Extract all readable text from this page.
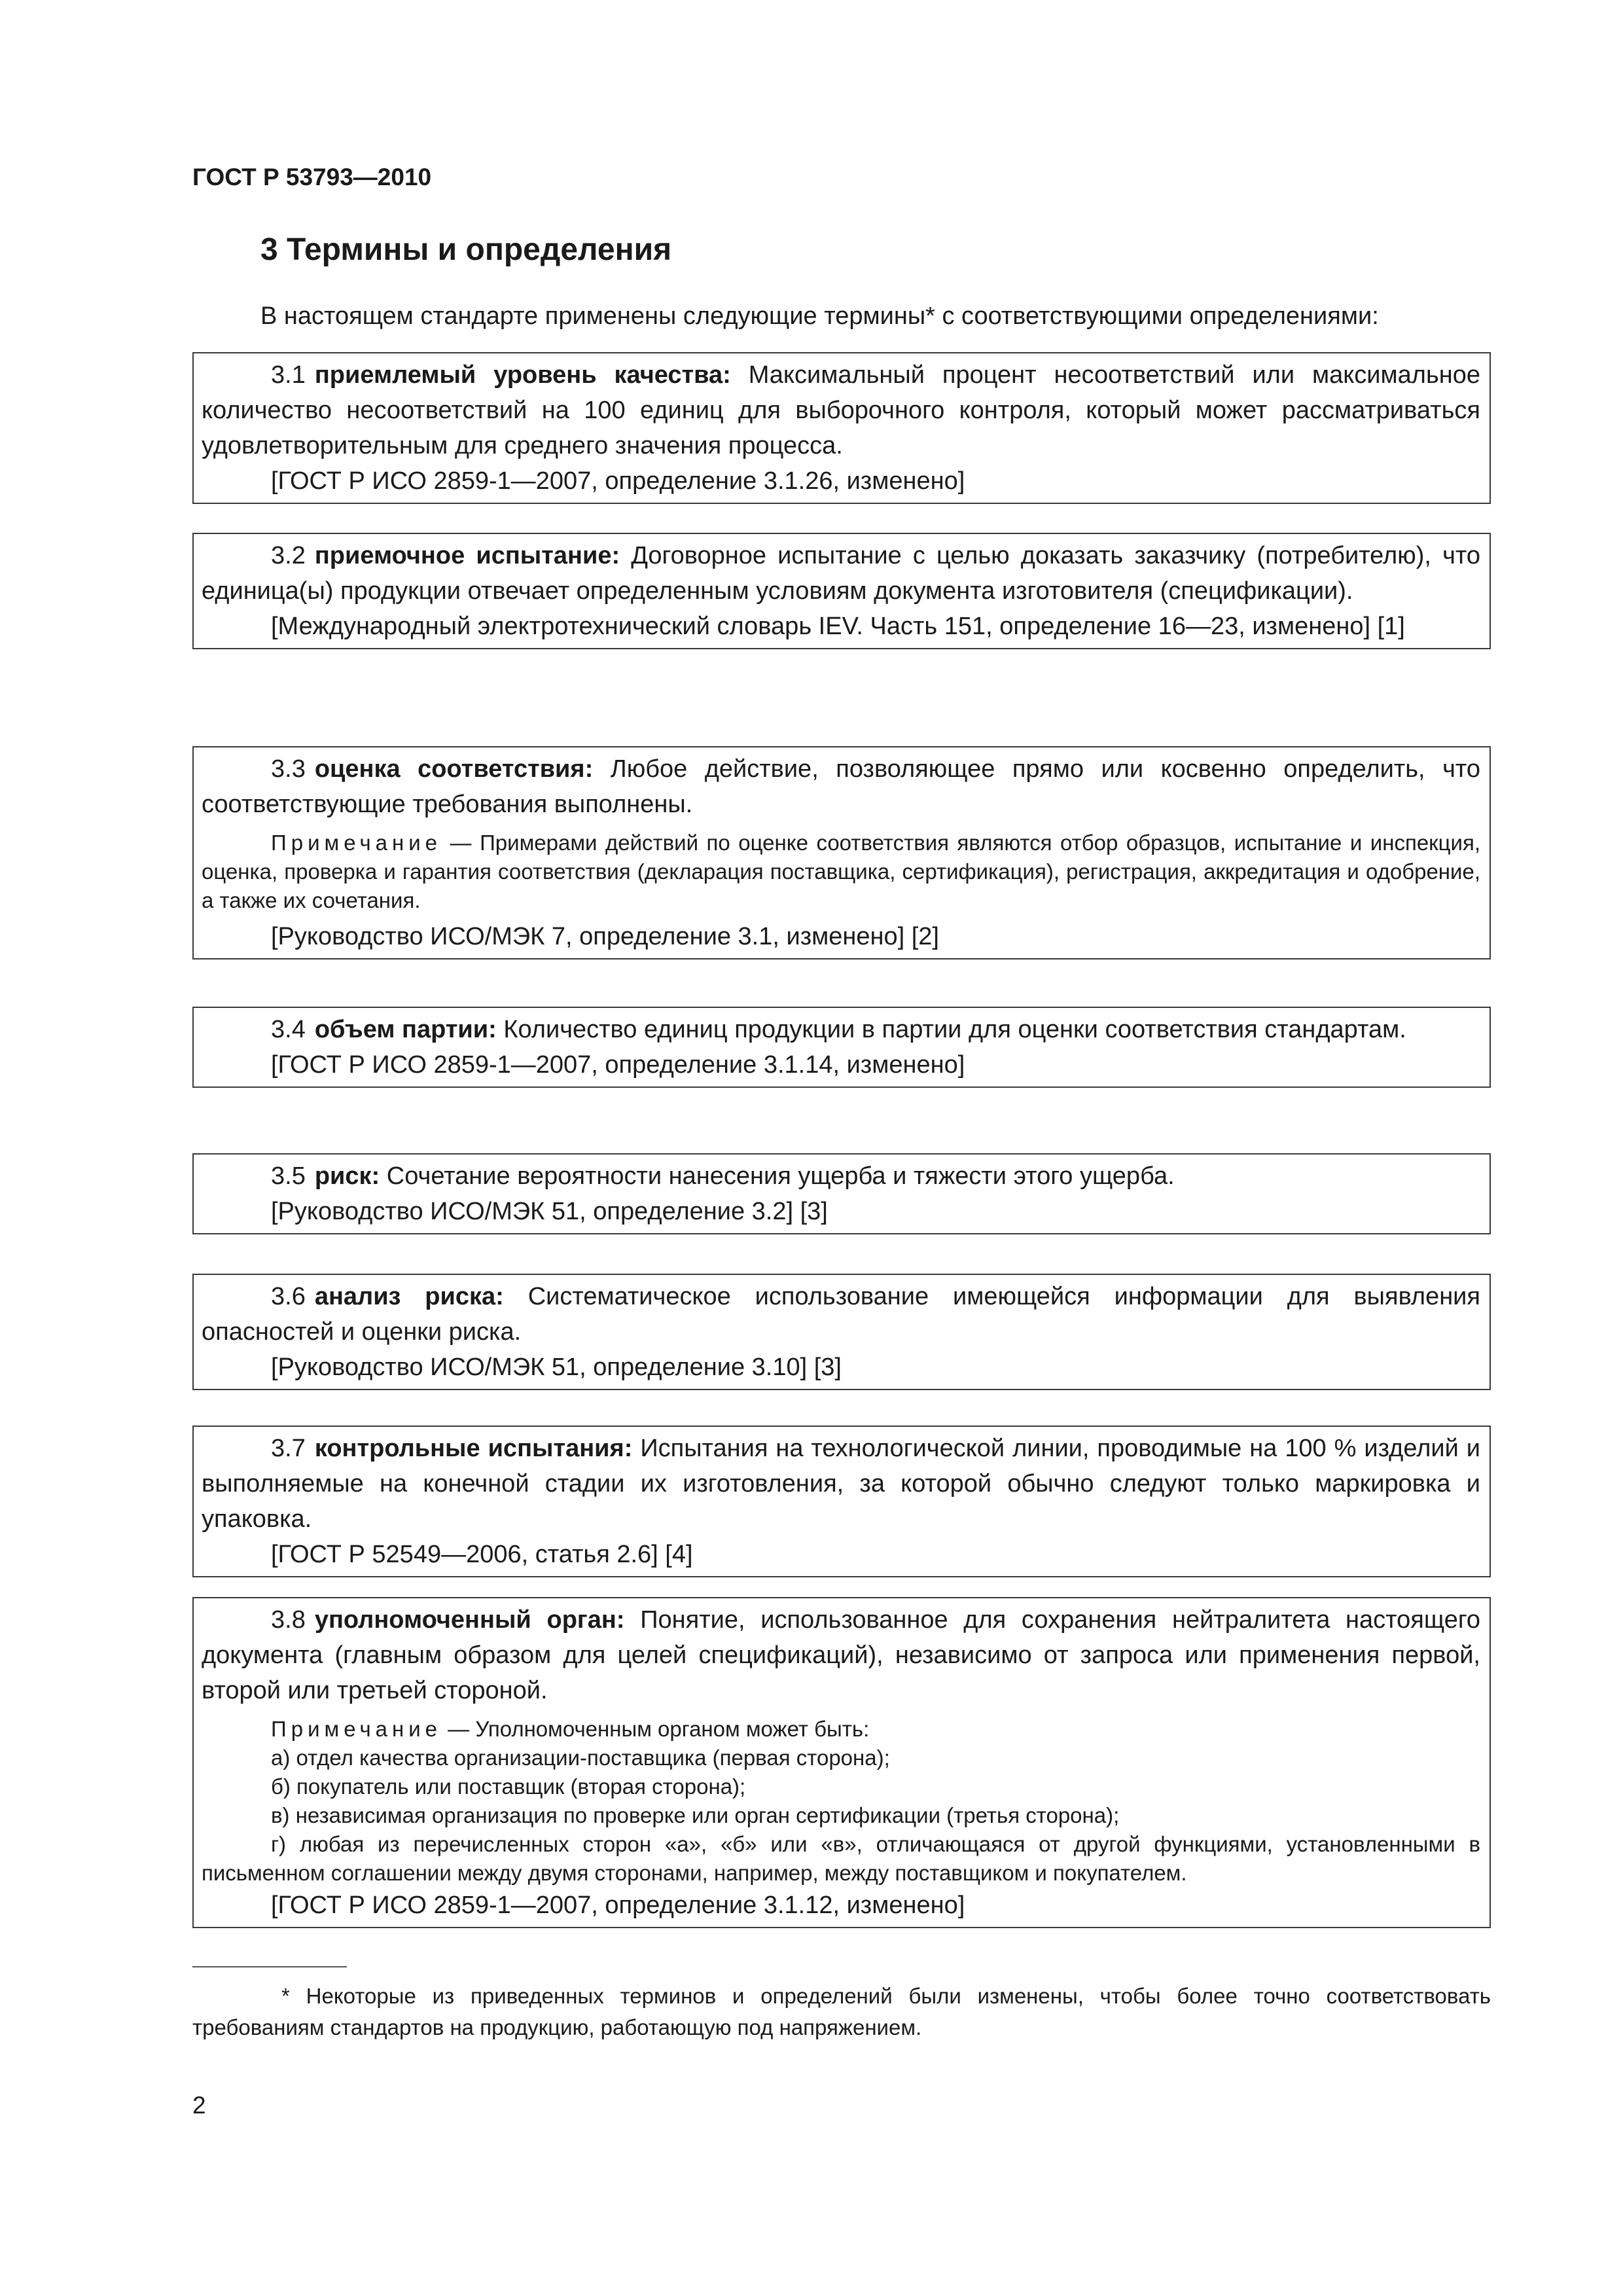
ГОСТ Р 53793—2010
3 Термины и определения
В настоящем стандарте применены следующие термины* с соответствующими определениями:

3.1 приемлемый уровень качества: Максимальный процент несоответствий или максимальное количество несоответствий на 100 единиц для выборочного контроля, который может рассматриваться удовлетворительным для среднего значения процесса.

[ГОСТ Р ИСО 2859-1—2007, определение 3.1.26, изменено]

3.2 приемочное испытание: Договорное испытание с целью доказать заказчику (потребителю), что единица(ы) продукции отвечает определенным условиям документа изготовителя (спецификации).

[Международный электротехнический словарь IEV. Часть 151, определение 16—23, изменено] [1]

3.3 оценка соответствия: Любое действие, позволяющее прямо или косвенно определить, что соответствующие требования выполнены.

Примечание — Примерами действий по оценке соответствия являются отбор образцов, испытание и инспекция, оценка, проверка и гарантия соответствия (декларация поставщика, сертификация), регистрация, аккредитация и одобрение, а также их сочетания.

[Руководство ИСО/МЭК 7, определение 3.1, изменено] [2]

3.4 объем партии: Количество единиц продукции в партии для оценки соответствия стандартам.

[ГОСТ Р ИСО 2859-1—2007, определение 3.1.14, изменено]

3.5 риск: Сочетание вероятности нанесения ущерба и тяжести этого ущерба.

[Руководство ИСО/МЭК 51, определение 3.2] [3]

3.6 анализ риска: Систематическое использование имеющейся информации для выявления опасностей и оценки риска.

[Руководство ИСО/МЭК 51, определение 3.10] [3]

3.7 контрольные испытания: Испытания на технологической линии, проводимые на 100 % изделий и выполняемые на конечной стадии их изготовления, за которой обычно следуют только маркировка и упаковка.

[ГОСТ Р 52549—2006, статья 2.6] [4]

3.8 уполномоченный орган: Понятие, использованное для сохранения нейтралитета настоящего документа (главным образом для целей спецификаций), независимо от запроса или применения первой, второй или третьей стороной.

Примечание — Уполномоченным органом может быть:

а) отдел качества организации-поставщика (первая сторона);

б) покупатель или поставщик (вторая сторона);

в) независимая организация по проверке или орган сертификации (третья сторона);

г) любая из перечисленных сторон «а», «б» или «в», отличающаяся от другой функциями, установленными в письменном соглашении между двумя сторонами, например, между поставщиком и покупателем.

[ГОСТ Р ИСО 2859-1—2007, определение 3.1.12, изменено]

* Некоторые из приведенных терминов и определений были изменены, чтобы более точно соответствовать требованиям стандартов на продукцию, работающую под напряжением.
2
